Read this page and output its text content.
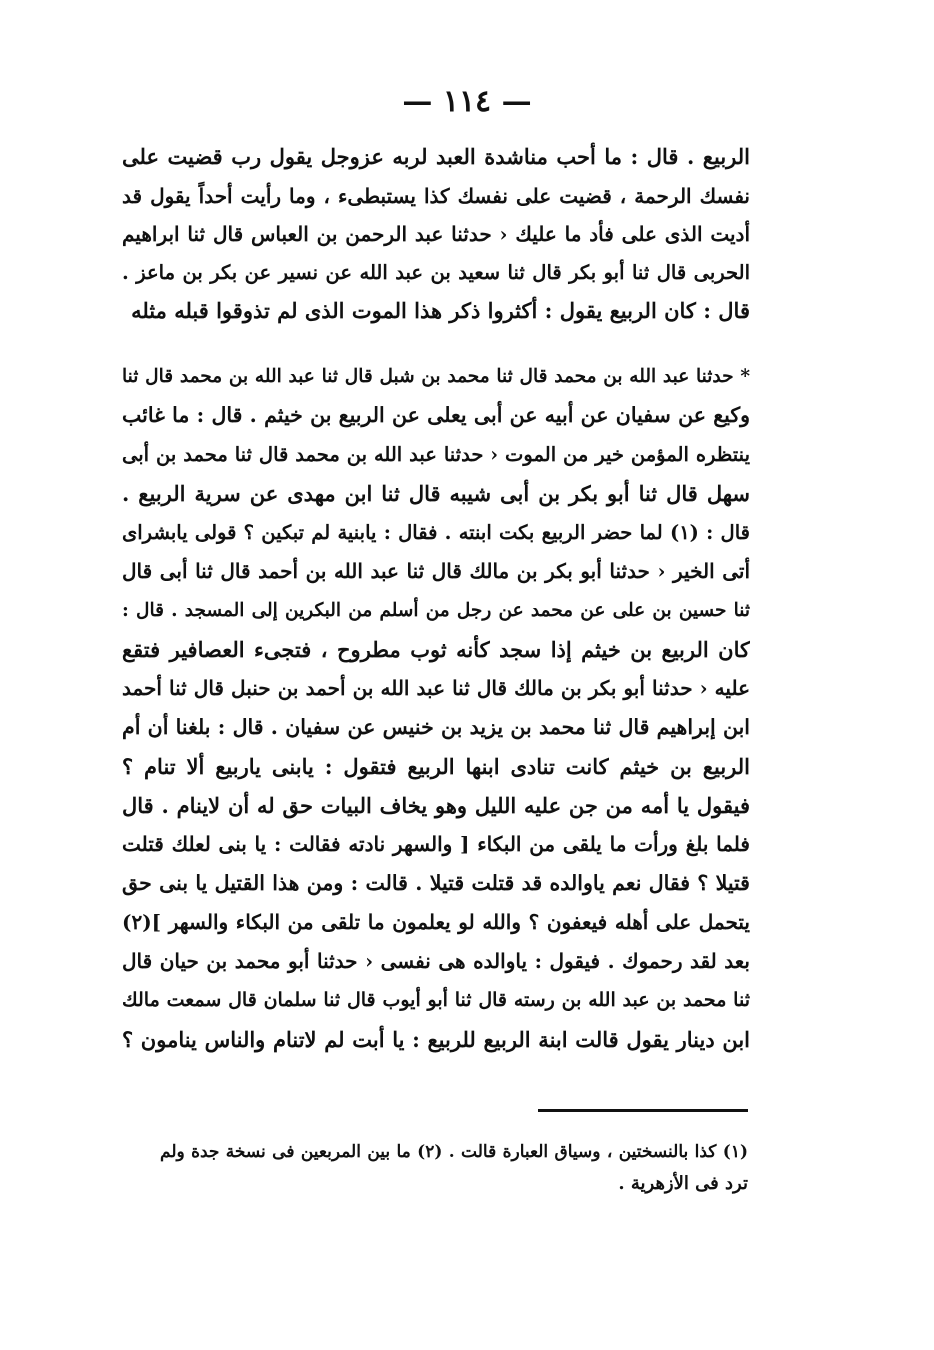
— ١١٤ —
الربيع . قال : ما أحب مناشدة العبد لربه عزوجل يقول رب قضيت على
نفسك الرحمة ، قضيت على نفسك كذا يستبطىء ، وما رأيت أحداً يقول قد
أديت الذى على فأد ما عليك ‹ حدثنا عبد الرحمن بن العباس قال ثنا ابراهيم
الحربى قال ثنا أبو بكر قال ثنا سعيد بن عبد الله عن نسير عن بكر بن ماعز .
قال : كان الربيع يقول : أكثروا ذكر هذا الموت الذى لم تذوقوا قبله مثله
* حدثنا عبد الله بن محمد قال ثنا محمد بن شبل قال ثنا عبد الله بن محمد قال ثنا
وكيع عن سفيان عن أبيه عن أبى يعلى عن الربيع بن خيثم . قال : ما غائب
ينتظره المؤمن خير من الموت ‹ حدثنا عبد الله بن محمد قال ثنا محمد بن أبى
سهل قال ثنا أبو بكر بن أبى شيبه قال ثنا ابن مهدى عن سرية الربيع .
قال : (١) لما حضر الربيع بكت ابنته . فقال : يابنية لم تبكين ؟ قولى يابشراى
أتى الخير ‹ حدثنا أبو بكر بن مالك قال ثنا عبد الله بن أحمد قال ثنا أبى قال
ثنا حسين بن على عن محمد عن رجل من أسلم من البكرين إلى المسجد . قال :
كان الربيع بن خيثم إذا سجد كأنه ثوب مطروح ، فتجىء العصافير فتقع
عليه ‹ حدثنا أبو بكر بن مالك قال ثنا عبد الله بن أحمد بن حنبل قال ثنا أحمد
ابن إبراهيم قال ثنا محمد بن يزيد بن خنيس عن سفيان . قال : بلغنا أن أم
الربيع بن خيثم كانت تنادى ابنها الربيع فتقول : يابنى ياربيع ألا تنام ؟
فيقول يا أمه من جن عليه الليل وهو يخاف البيات حق له أن لاينام . قال
فلما بلغ ورأت ما يلقى من البكاء [ والسهر نادته فقالت : يا بنى لعلك قتلت
قتيلا ؟ فقال نعم ياوالده قد قتلت قتيلا . قالت : ومن هذا القتيل يا بنى حق
يتحمل على أهله فيعفون ؟ والله لو يعلمون ما تلقى من البكاء والسهر ](٢)
بعد لقد رحموك . فيقول : ياوالده هى نفسى ‹ حدثنا أبو محمد بن حيان قال
ثنا محمد بن عبد الله بن رسته قال ثنا أبو أيوب قال ثنا سلمان قال سمعت مالك
ابن دينار يقول قالت ابنة الربيع للربيع : يا أبت لم لاتنام والناس ينامون ؟
(١) كذا بالنسختين ، وسياق العبارة قالت . (٢) ما بين المربعين فى نسخة جدة ولم
ترد فى الأزهرية .
